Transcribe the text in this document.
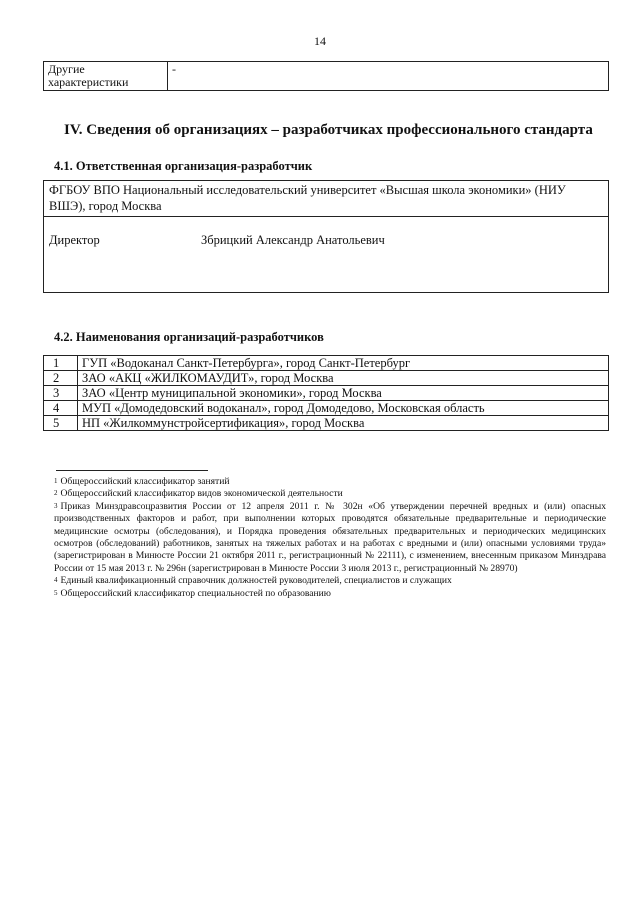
14
Другие характеристики	-
IV. Сведения об организациях – разработчиках профессионального стандарта
4.1. Ответственная организация-разработчик
ФГБОУ ВПО Национальный исследовательский университет «Высшая школа экономики» (НИУ ВШЭ), город Москва
Директор	Збрицкий Александр Анатольевич
4.2. Наименования организаций-разработчиков
1	ГУП «Водоканал Санкт-Петербурга», город Санкт-Петербург
2	ЗАО «АКЦ «ЖИЛКОМАУДИТ», город Москва
3	ЗАО «Центр муниципальной экономики», город Москва
4	МУП «Домодедовский водоканал», город Домодедово, Московская область
5	НП «Жилкоммунстройсертификация», город Москва
$^1$ Общероссийский классификатор занятий
$^2$ Общероссийский классификатор видов экономической деятельности
$^3$ Приказ Минздравсоцразвития России от 12 апреля 2011 г. № 302н «Об утверждении перечней вредных и (или) опасных производственных факторов и работ, при выполнении которых проводятся обязательные предварительные и периодические медицинские осмотры (обследования), и Порядка проведения обязательных предварительных и периодических медицинских осмотров (обследований) работников, занятых на тяжелых работах и на работах с вредными и (или) опасными условиями труда» (зарегистрирован в Минюсте России 21 октября 2011 г., регистрационный № 22111), с изменением, внесенным приказом Минздрава России от 15 мая 2013 г. № 296н (зарегистрирован в Минюсте России 3 июля 2013 г., регистрационный № 28970)
$^4$ Единый квалификационный справочник должностей руководителей, специалистов и служащих
$^5$ Общероссийский классификатор специальностей по образованию
